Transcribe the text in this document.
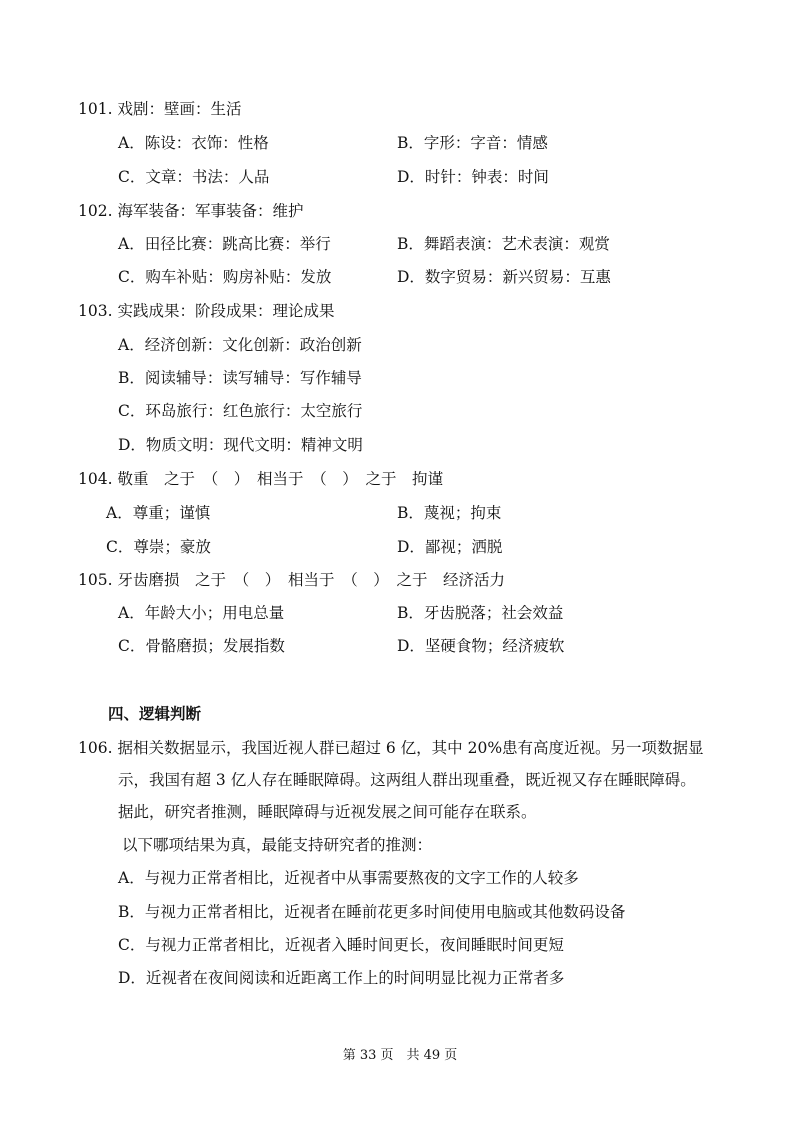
101. 戏剧：壁画：生活
A．陈设：衣饰：性格	B．字形：字音：情感
C．文章：书法：人品	D．时针：钟表：时间
102. 海军装备：军事装备：维护
A．田径比赛：跳高比赛：举行	B．舞蹈表演：艺术表演：观赏
C．购车补贴：购房补贴：发放	D．数字贸易：新兴贸易：互惠
103. 实践成果：阶段成果：理论成果
A．经济创新：文化创新：政治创新
B．阅读辅导：读写辅导：写作辅导
C．环岛旅行：红色旅行：太空旅行
D．物质文明：现代文明：精神文明
104. 敬重　之于　（　）　相当于　（　）　之于　拘谨
A．尊重；谨慎	B．蔑视；拘束
C．尊崇；豪放	D．鄙视；洒脱
105. 牙齿磨损　之于　（　）　相当于　（　）　之于　经济活力
A．年龄大小；用电总量	B．牙齿脱落；社会效益
C．骨骼磨损；发展指数	D．坚硬食物；经济疲软
四、逻辑判断
106. 据相关数据显示，我国近视人群已超过 6 亿，其中 20%患有高度近视。另一项数据显
示，我国有超 3 亿人存在睡眠障碍。这两组人群出现重叠，既近视又存在睡眠障碍。
据此，研究者推测，睡眠障碍与近视发展之间可能存在联系。
以下哪项结果为真，最能支持研究者的推测：
A．与视力正常者相比，近视者中从事需要熬夜的文字工作的人较多
B．与视力正常者相比，近视者在睡前花更多时间使用电脑或其他数码设备
C．与视力正常者相比，近视者入睡时间更长，夜间睡眠时间更短
D．近视者在夜间阅读和近距离工作上的时间明显比视力正常者多
第 33 页　共 49 页
